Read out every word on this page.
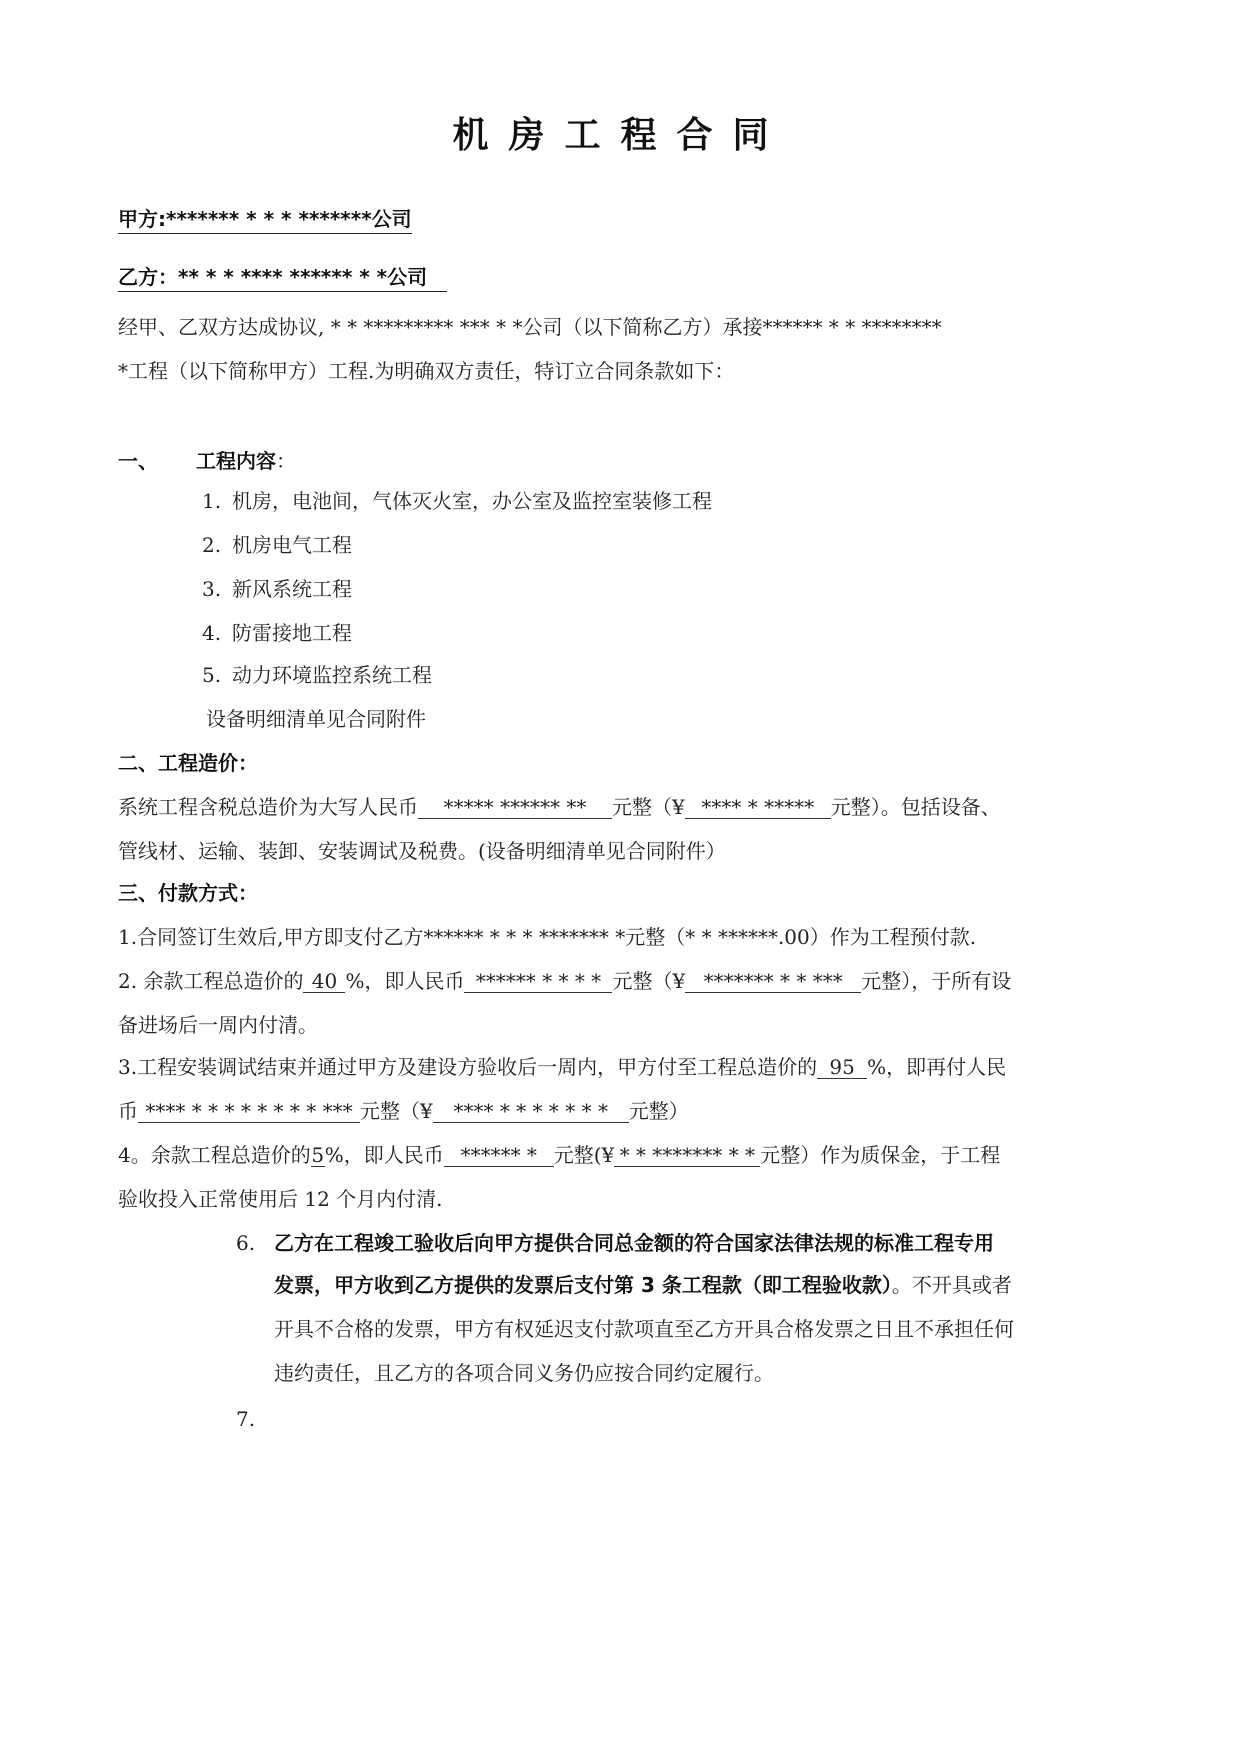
机房工程合同
甲方:******* * * * *******公司
乙方：** * * **** ****** * *公司
经甲、乙双方达成协议, * * ********* *** * *公司（以下简称乙方）承接****** * * ********
*工程（以下简称甲方）工程.为明确双方责任，特订立合同条款如下：
一、 工程内容：
1. 机房，电池间，气体灭火室，办公室及监控室装修工程
2. 机房电气工程
3. 新风系统工程
4. 防雷接地工程
5. 动力环境监控系统工程
设备明细清单见合同附件
二、工程造价：
系统工程含税总造价为大写人民币 ***** ****** ** 元整（¥ **** * ***** 元整）。包括设备、
管线材、运输、装卸、安装调试及税费。(设备明细清单见合同附件）
三、付款方式：
1.合同签订生效后,甲方即支付乙方****** * * * ******* *元整（* * ******.00）作为工程预付款.
2. 余款工程总造价的 40 %，即人民币 ****** * * * * 元整（¥ ******* * * *** 元整），于所有设
备进场后一周内付清。
3.工程安装调试结束并通过甲方及建设方验收后一周内，甲方付至工程总造价的 95 %，即再付人民
币 **** * * * * * * * * *** 元整（¥ **** * * * * * * * 元整）
4。余款工程总造价的5%，即人民币 ****** * 元整(¥ * * ******* * * 元整）作为质保金，于工程
验收投入正常使用后 12 个月内付清.
6. 乙方在工程竣工验收后向甲方提供合同总金额的符合国家法律法规的标准工程专用
发票，甲方收到乙方提供的发票后支付第 3 条工程款（即工程验收款）。不开具或者
开具不合格的发票，甲方有权延迟支付款项直至乙方开具合格发票之日且不承担任何
违约责任，且乙方的各项合同义务仍应按合同约定履行。
7.
